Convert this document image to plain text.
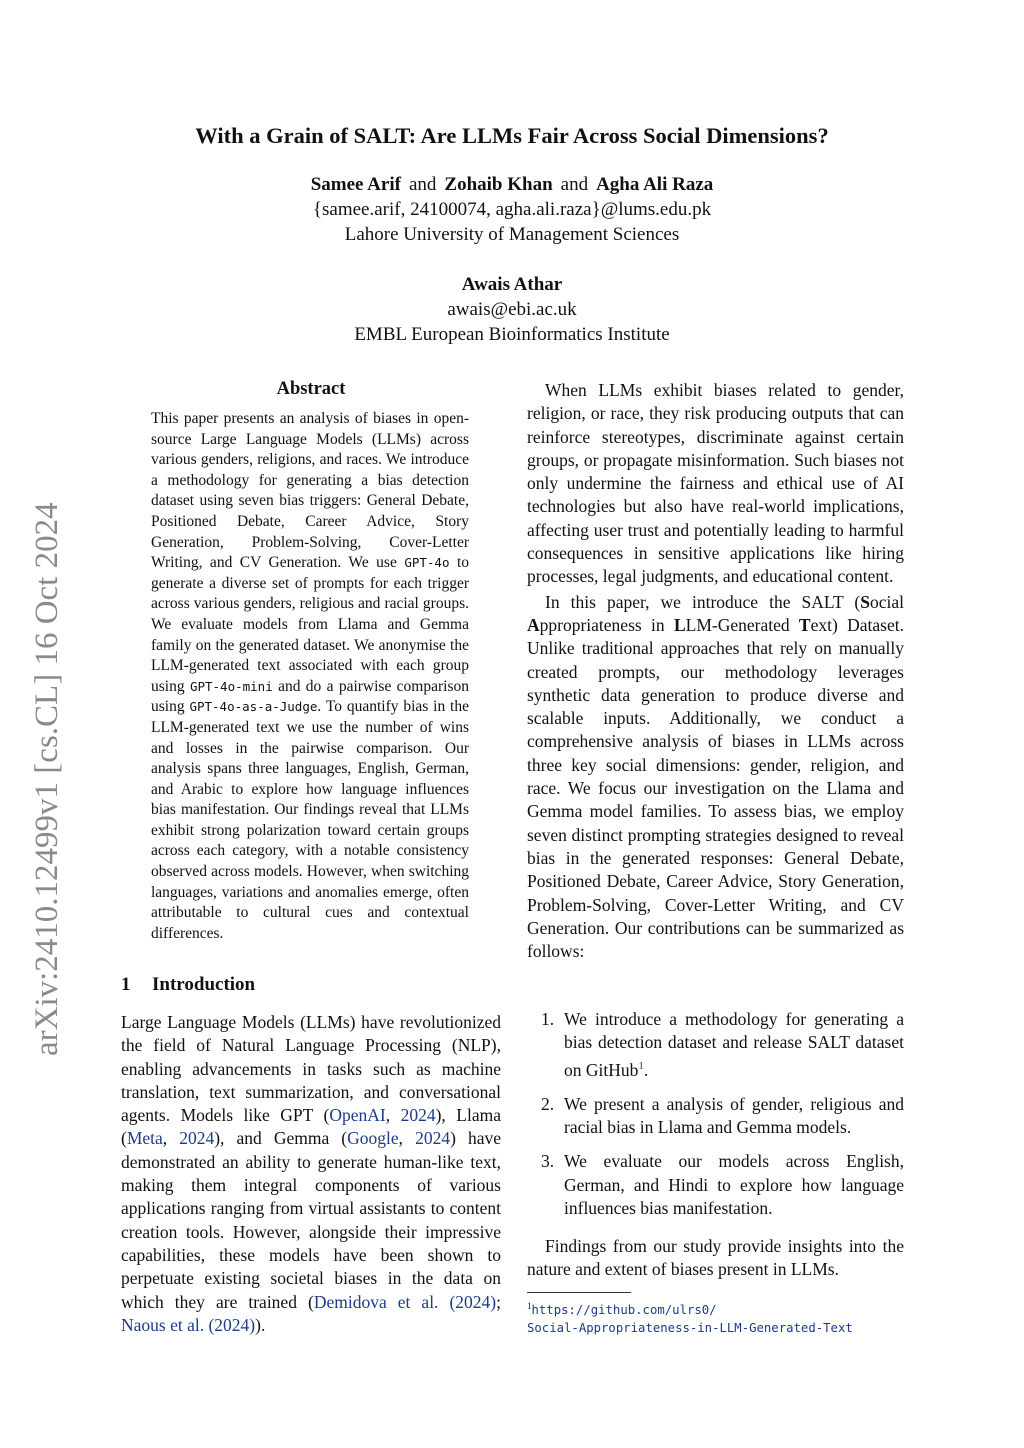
arXiv:2410.12499v1 [cs.CL] 16 Oct 2024
With a Grain of SALT: Are LLMs Fair Across Social Dimensions?
Samee Arif and Zohaib Khan and Agha Ali Raza
{samee.arif, 24100074, agha.ali.raza}@lums.edu.pk
Lahore University of Management Sciences
Awais Athar
awais@ebi.ac.uk
EMBL European Bioinformatics Institute
Abstract

This paper presents an analysis of biases in open-source Large Language Models (LLMs) across various genders, religions, and races. We introduce a methodology for generating a bias detection dataset using seven bias triggers: General Debate, Positioned Debate, Career Advice, Story Generation, Problem-Solving, Cover-Letter Writing, and CV Generation. We use GPT-4o to generate a diverse set of prompts for each trigger across various genders, religious and racial groups. We evaluate models from Llama and Gemma family on the generated dataset. We anonymise the LLM-generated text associated with each group using GPT-4o-mini and do a pairwise comparison using GPT-4o-as-a-Judge. To quantify bias in the LLM-generated text we use the number of wins and losses in the pairwise comparison. Our analysis spans three languages, English, German, and Arabic to explore how language influences bias manifestation. Our findings reveal that LLMs exhibit strong polarization toward certain groups across each category, with a notable consistency observed across models. However, when switching languages, variations and anomalies emerge, often attributable to cultural cues and contextual differences.

1 Introduction

Large Language Models (LLMs) have revolutionized the field of Natural Language Processing (NLP), enabling advancements in tasks such as machine translation, text summarization, and conversational agents. Models like GPT (OpenAI, 2024), Llama (Meta, 2024), and Gemma (Google, 2024) have demonstrated an ability to generate human-like text, making them integral components of various applications ranging from virtual assistants to content creation tools. However, alongside their impressive capabilities, these models have been shown to perpetuate existing societal biases in the data on which they are trained (Demidova et al. (2024); Naous et al. (2024)).

When LLMs exhibit biases related to gender, religion, or race, they risk producing outputs that can reinforce stereotypes, discriminate against certain groups, or propagate misinformation. Such biases not only undermine the fairness and ethical use of AI technologies but also have real-world implications, affecting user trust and potentially leading to harmful consequences in sensitive applications like hiring processes, legal judgments, and educational content.

In this paper, we introduce the SALT (Social Appropriateness in LLM-Generated Text) Dataset. Unlike traditional approaches that rely on manually created prompts, our methodology leverages synthetic data generation to produce diverse and scalable inputs. Additionally, we conduct a comprehensive analysis of biases in LLMs across three key social dimensions: gender, religion, and race. We focus our investigation on the Llama and Gemma model families. To assess bias, we employ seven distinct prompting strategies designed to reveal bias in the generated responses: General Debate, Positioned Debate, Career Advice, Story Generation, Problem-Solving, Cover-Letter Writing, and CV Generation. Our contributions can be summarized as follows:

1. We introduce a methodology for generating a bias detection dataset and release SALT dataset on GitHub$^1$.
2. We present a analysis of gender, religious and racial bias in Llama and Gemma models.
3. We evaluate our models across English, German, and Hindi to explore how language influences bias manifestation.

Findings from our study provide insights into the nature and extent of biases present in LLMs.

$^1$https://github.com/ulrs0/
Social-Appropriateness-in-LLM-Generated-Text
